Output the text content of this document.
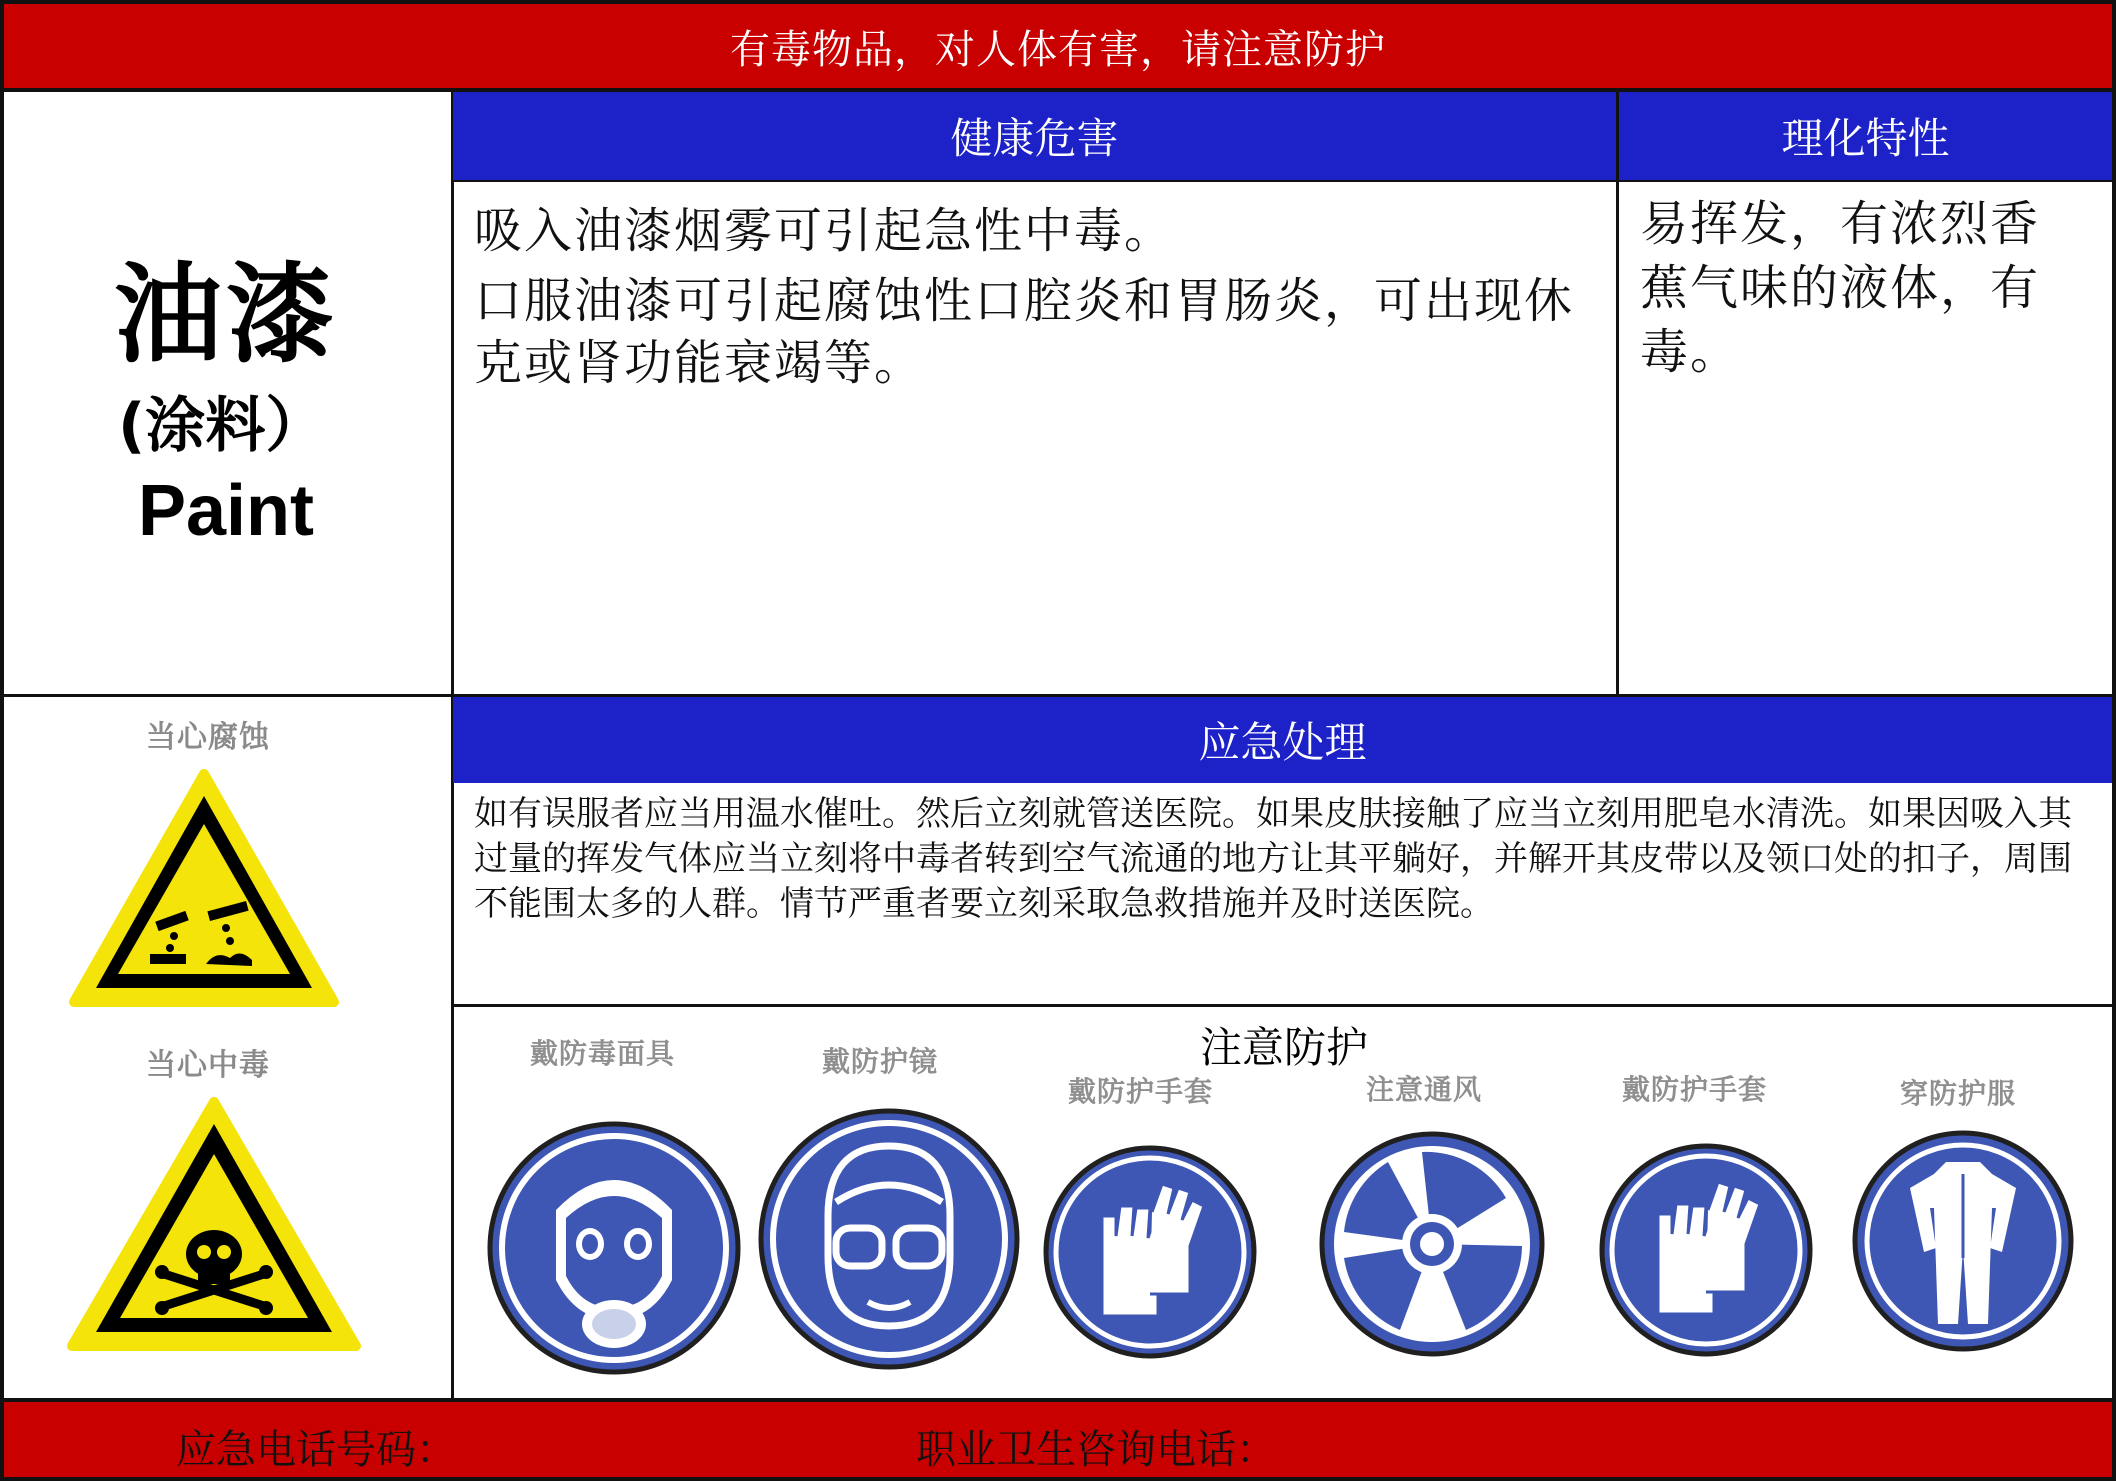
有毒物品，对人体有害，请注意防护
油漆
(涂料）
Paint
健康危害
吸入油漆烟雾可引起急性中毒。
口服油漆可引起腐蚀性口腔炎和胃肠炎，可出现休克或肾功能衰竭等。
理化特性
易挥发，有浓烈香蕉气味的液体，有毒。
应急处理
如有误服者应当用温水催吐。然后立刻就管送医院。如果皮肤接触了应当立刻用肥皂水清洗。如果因吸入其过量的挥发气体应当立刻将中毒者转到空气流通的地方让其平躺好，并解开其皮带以及领口处的扣子，周围不能围太多的人群。情节严重者要立刻采取急救措施并及时送医院。
当心腐蚀
当心中毒	注意防护
戴防毒面具	戴防护镜
戴防护手套	注意通风	戴防护手套	穿防护服
应急电话号码：	职业卫生咨询电话：
